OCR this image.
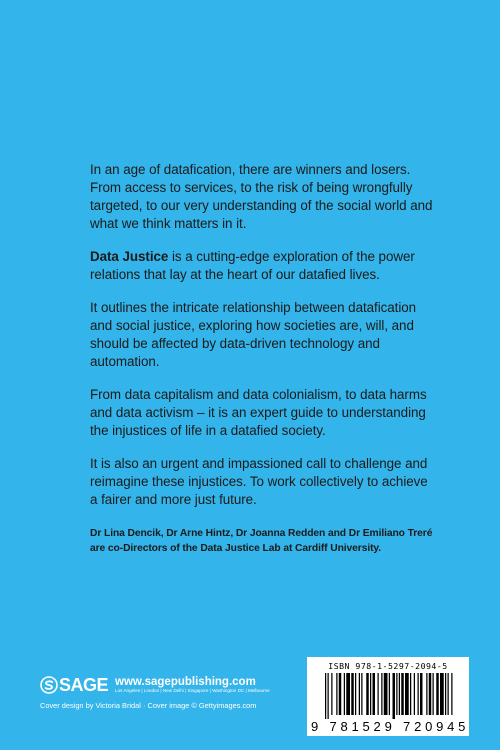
In an age of datafication, there are winners and losers. From access to services, to the risk of being wrongfully targeted, to our very understanding of the social world and what we think matters in it.

Data Justice is a cutting-edge exploration of the power relations that lay at the heart of our datafied lives.

It outlines the intricate relationship between datafication and social justice, exploring how societies are, will, and should be affected by data-driven technology and automation.

From data capitalism and data colonialism, to data harms and data activism – it is an expert guide to understanding the injustices of life in a datafied society.

It is also an urgent and impassioned call to challenge and reimagine these injustices. To work collectively to achieve a fairer and more just future.

Dr Lina Dencik, Dr Arne Hintz, Dr Joanna Redden and Dr Emiliano Treré are co-Directors of the Data Justice Lab at Cardiff University.
SAGE www.sagepublishing.com
Los Angeles | London | New Delhi | Singapore | Washington DC | Melbourne
Cover design by Victoria Bridal · Cover image © Gettyimages.com
ISBN 978-1-5297-2094-5
9 781529 720945
